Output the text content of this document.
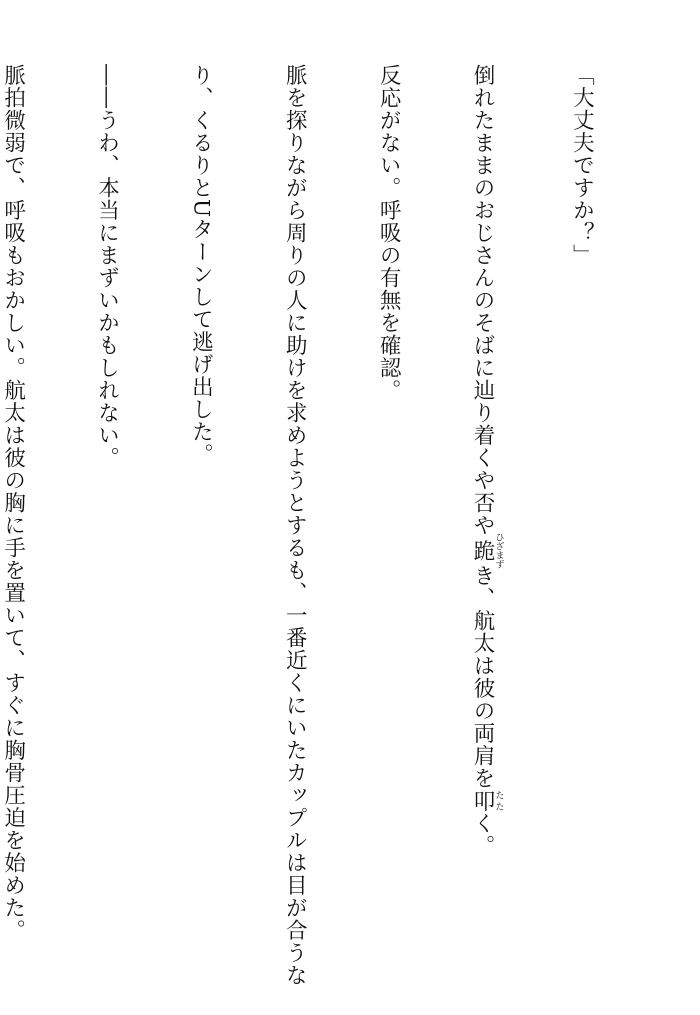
「大丈夫ですか？」

倒れたままのおじさんのそばに辿り着くや否や跪ひざまずき、航太は彼の両肩を叩たたく。

反応がない。呼吸の有無を確認。

脈を探りながら周りの人に助けを求めようとするも、一番近くにいたカップルは目が合うな

り、くるりとUターンして逃げ出した。

――うわ、本当にまずいかもしれない。

脈拍微弱で、呼吸もおかしい。航太は彼の胸に手を置いて、すぐに胸骨圧迫を始めた。
